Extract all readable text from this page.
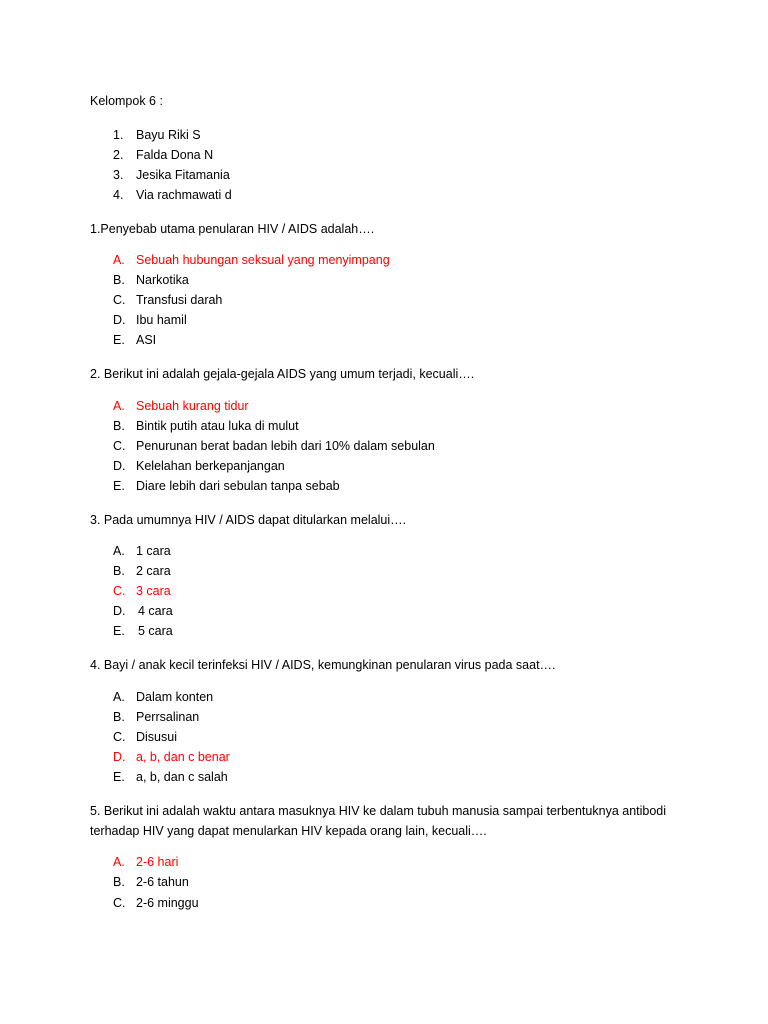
Kelompok 6 :
1. Bayu Riki S
2. Falda Dona N
3. Jesika Fitamania
4. Via rachmawati d
1.Penyebab utama penularan HIV / AIDS adalah….
A. Sebuah hubungan seksual yang menyimpang
B. Narkotika
C. Transfusi darah
D. Ibu hamil
E. ASI
2. Berikut ini adalah gejala-gejala AIDS yang umum terjadi, kecuali….
A. Sebuah kurang tidur
B. Bintik putih atau luka di mulut
C. Penurunan berat badan lebih dari 10% dalam sebulan
D. Kelelahan berkepanjangan
E. Diare lebih dari sebulan tanpa sebab
3. Pada umumnya HIV / AIDS dapat ditularkan melalui….
A. 1 cara
B. 2 cara
C. 3 cara
D. 4 cara
E. 5 cara
4. Bayi / anak kecil terinfeksi HIV / AIDS, kemungkinan penularan virus pada saat….
A. Dalam konten
B. Perrsalinan
C. Disusui
D. a, b, dan c benar
E. a, b, dan c salah
5. Berikut ini adalah waktu antara masuknya HIV ke dalam tubuh manusia sampai terbentuknya antibodi
terhadap HIV yang dapat menularkan HIV kepada orang lain, kecuali….
A. 2-6 hari
B. 2-6 tahun
C. 2-6 minggu
